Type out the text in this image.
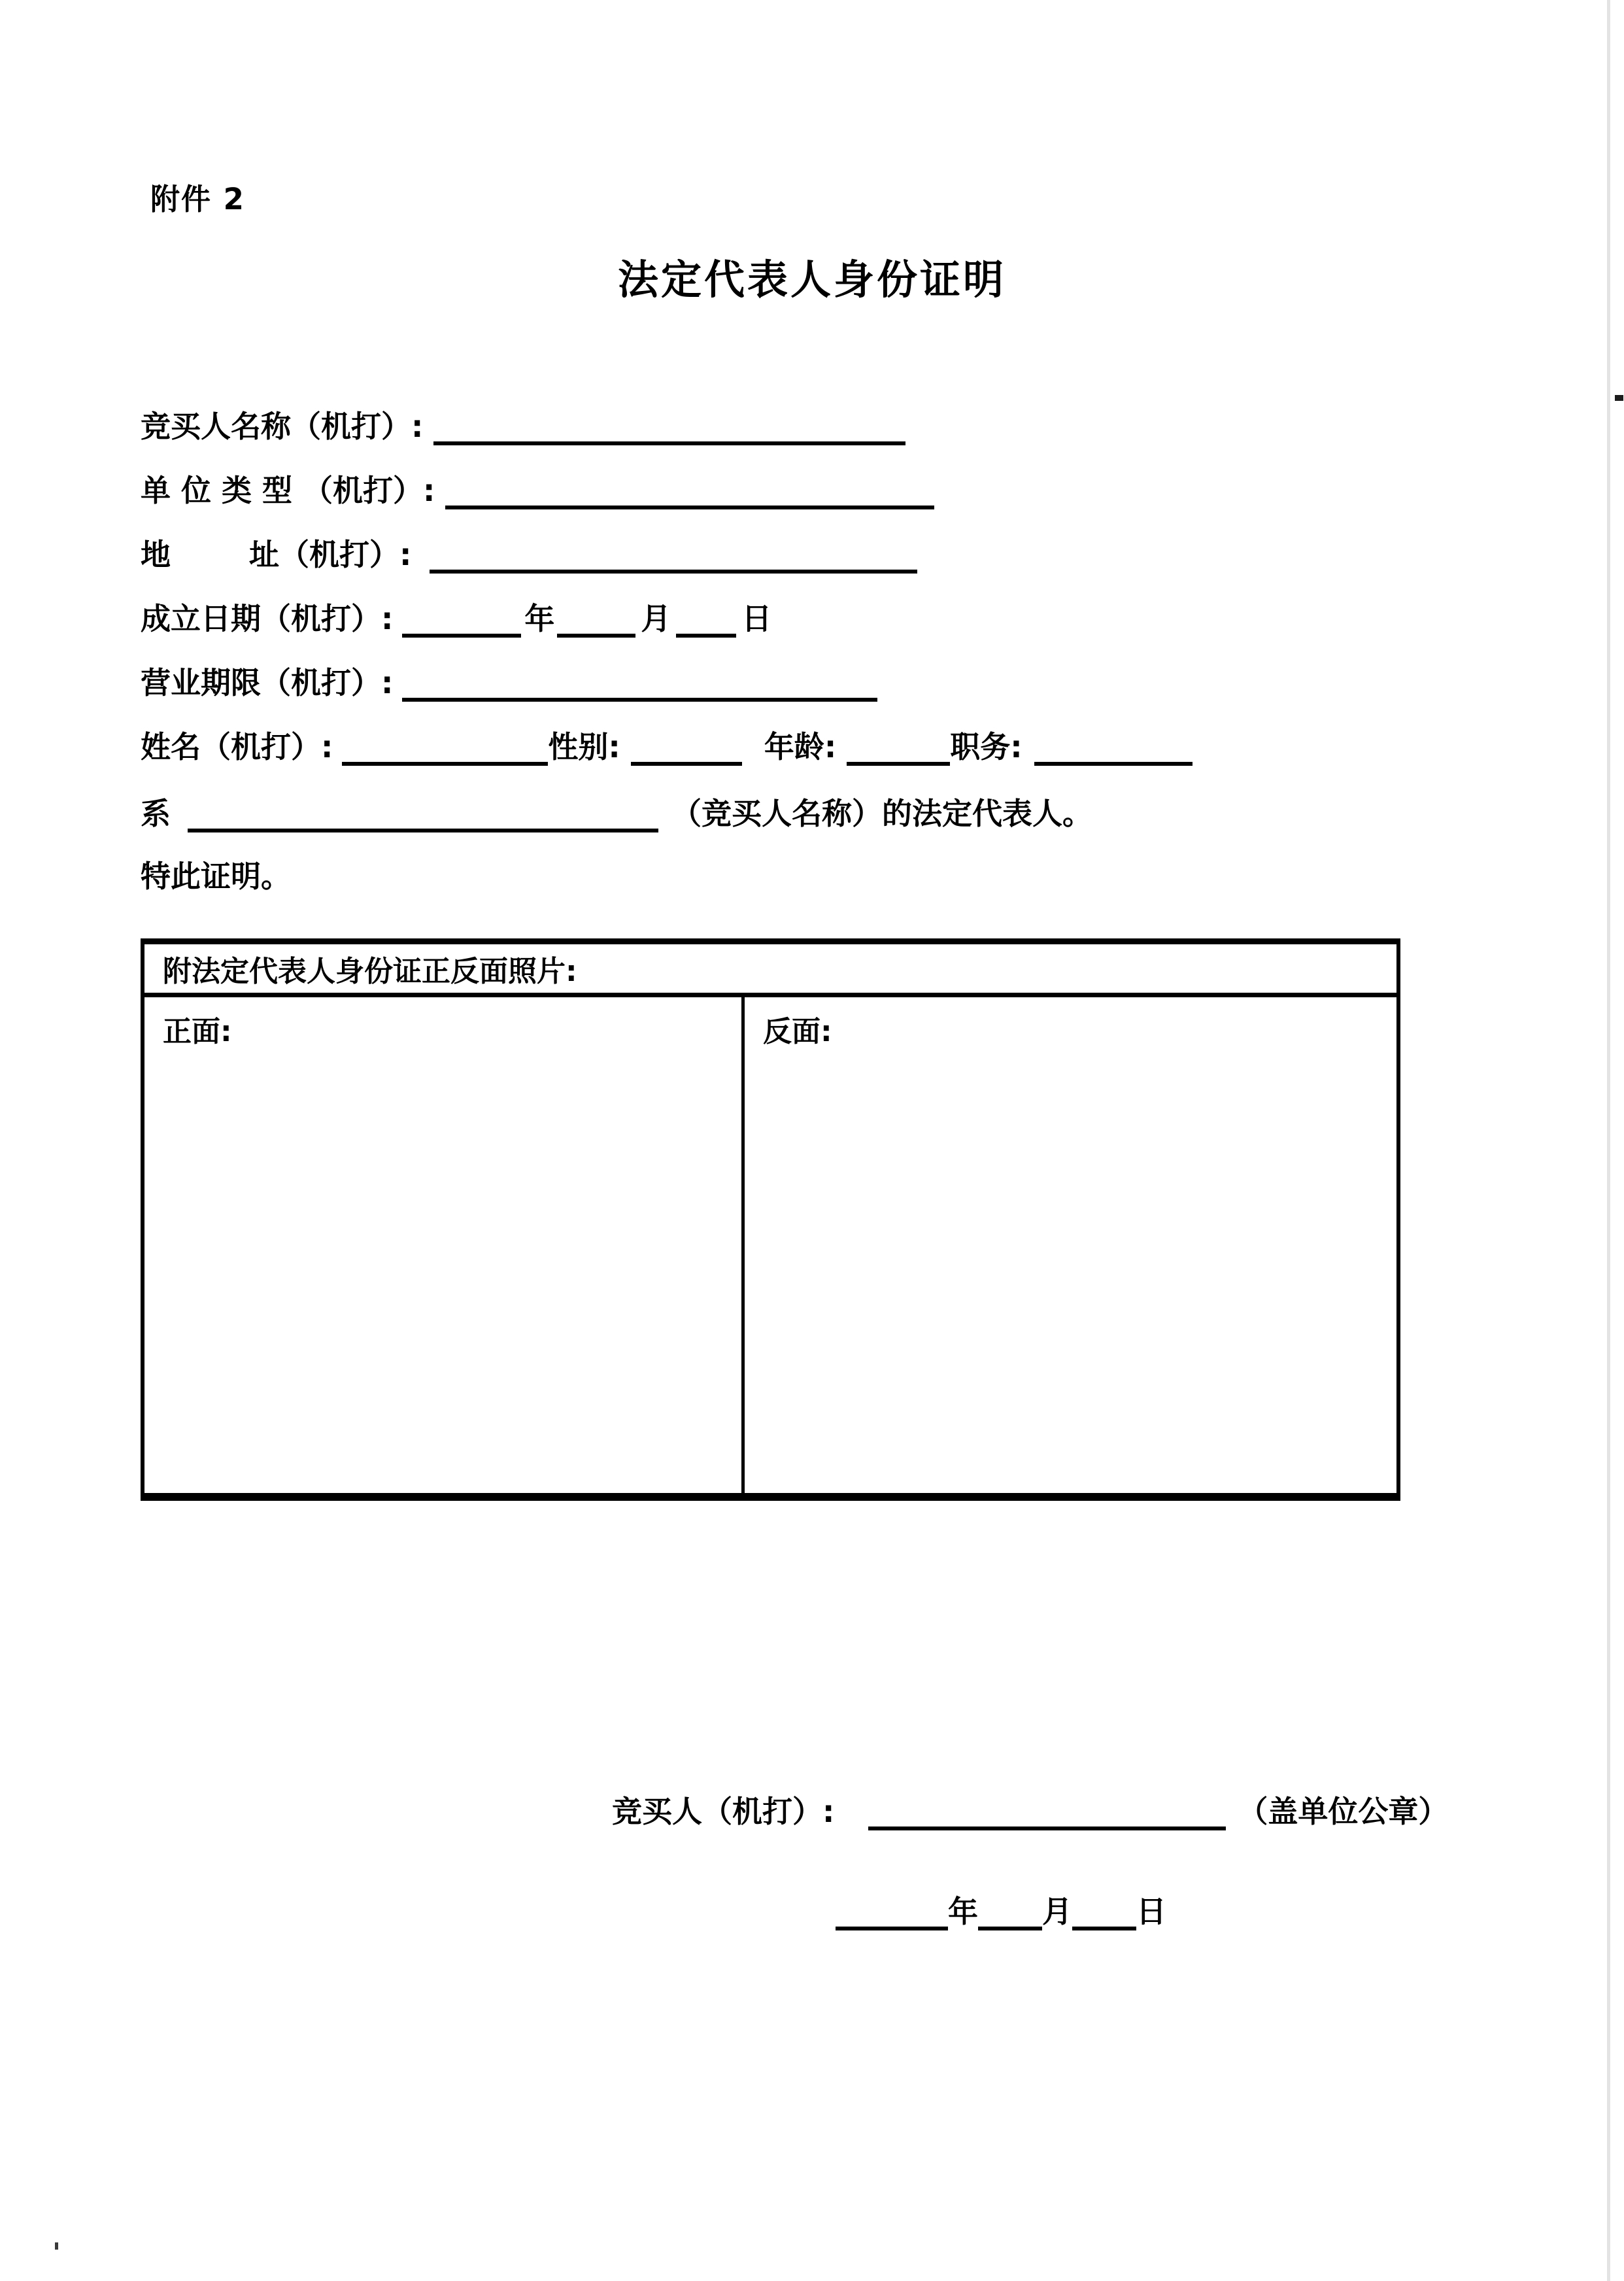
附件 2
法定代表人身份证明
竞买人名称（机打）:
单 位 类 型 （机打）:
地	址（机打）:
成立日期（机打）:	年	月 日
营业期限（机打）:
姓名（机打）:	性别:	年龄:	职务:
系	（竞买人名称）的法定代表人。
特此证明。
附法定代表人身份证正反面照片:
正面:	反面:
竞买人（机打）:	（盖单位公章）
年 月 日
